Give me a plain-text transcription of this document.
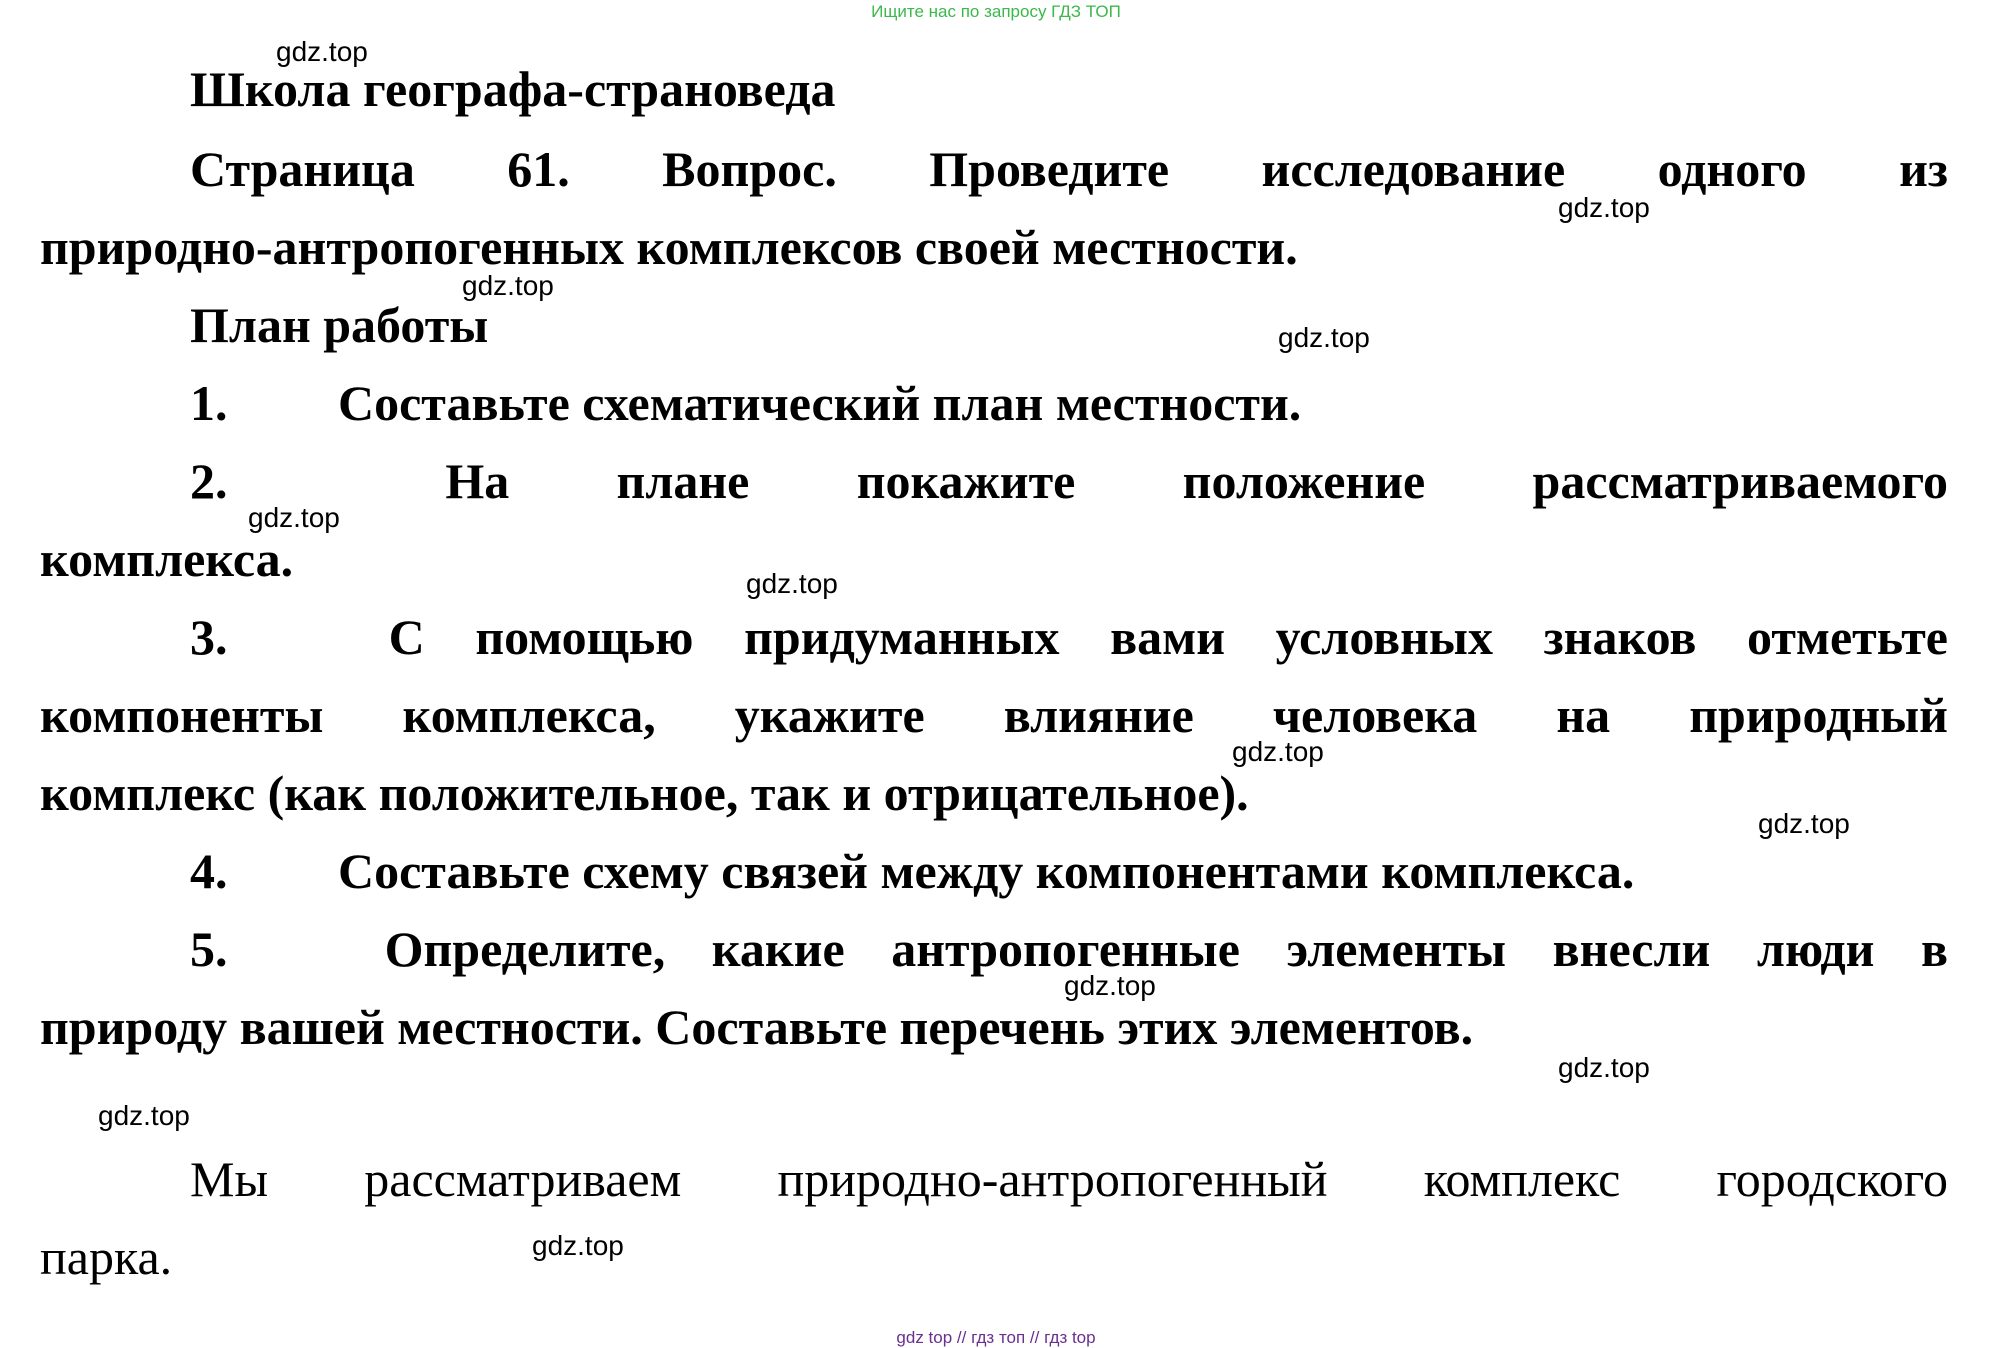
Ищите нас по запросу ГДЗ ТОП
Школа географа-страноведа
Страница 61. Вопрос. Проведите исследование одного из
природно-антропогенных комплексов своей местности.
План работы
1. Составьте схематический план местности.
2.	На плане покажите положение рассматриваемого
комплекса.
3.	С помощью придуманных вами условных знаков отметьте
компоненты комплекса, укажите влияние человека на природный
комплекс (как положительное, так и отрицательное).
4. Составьте схему связей между компонентами комплекса.
5.	Определите, какие антропогенные элементы внесли люди в
природу вашей местности. Составьте перечень этих элементов.
Мы рассматриваем природно-антропогенный комплекс городского
парка.
gdz.top
gdz.top
gdz.top
gdz.top
gdz.top
gdz.top
gdz.top
gdz.top
gdz.top
gdz.top
gdz.top
gdz.top
gdz top // гдз топ // гдз top
